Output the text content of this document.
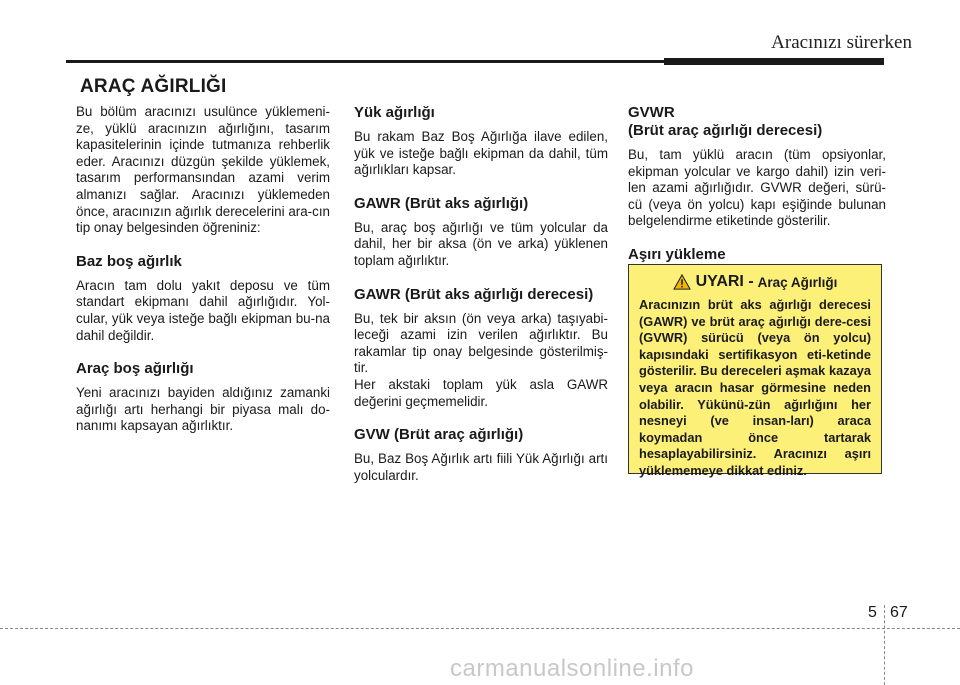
Aracınızı sürerken
ARAÇ AĞIRLIĞI

Bu bölüm aracınızı usulünce yüklemeni-ze, yüklü aracınızın ağırlığını, tasarım kapasitelerinin içinde tutmanıza rehberlik eder. Aracınızı düzgün şekilde yüklemek, tasarım performansından azami verim almanızı sağlar. Aracınızı yüklemeden önce, aracınızın ağırlık derecelerini ara-cın tip onay belgesinden öğreniniz:

Baz boş ağırlık

Aracın tam dolu yakıt deposu ve tüm standart ekipmanı dahil ağırlığıdır. Yol-cular, yük veya isteğe bağlı ekipman bu-na dahil değildir.

Araç boş ağırlığı

Yeni aracınızı bayiden aldığınız zamanki ağırlığı artı herhangi bir piyasa malı do-nanımı kapsayan ağırlıktır.

Yük ağırlığı

Bu rakam Baz Boş Ağırlığa ilave edilen, yük ve isteğe bağlı ekipman da dahil, tüm ağırlıkları kapsar.

GAWR (Brüt aks ağırlığı)

Bu, araç boş ağırlığı ve tüm yolcular da dahil, her bir aksa (ön ve arka) yüklenen toplam ağırlıktır.

GAWR (Brüt aks ağırlığı derecesi)

Bu, tek bir aksın (ön veya arka) taşıyabi-leceği azami izin verilen ağırlıktır. Bu rakamlar tip onay belgesinde gösterilmiş-tir.

Her akstaki toplam yük asla GAWR değerini geçmemelidir.

GVW (Brüt araç ağırlığı)

Bu, Baz Boş Ağırlık artı fiili Yük Ağırlığı artı yolculardır.

GVWR
(Brüt araç ağırlığı derecesi)

Bu, tam yüklü aracın (tüm opsiyonlar, ekipman yolcular ve kargo dahil) izin veri-len azami ağırlığıdır. GVWR değeri, sürü-cü (veya ön yolcu) kapı eşiğinde bulunan belgelendirme etiketinde gösterilir.

Aşırı yükleme
UYARI - Araç Ağırlığı

Aracınızın brüt aks ağırlığı derecesi (GAWR) ve brüt araç ağırlığı dere-cesi (GVWR) sürücü (veya ön yolcu) kapısındaki sertifikasyon eti-ketinde gösterilir. Bu dereceleri aşmak kazaya veya aracın hasar görmesine neden olabilir. Yükünü-zün ağırlığını her nesneyi (ve insan-ları) araca koymadan önce tartarak hesaplayabilirsiniz. Aracınızı aşırı yüklememeye dikkat ediniz.

5 67
carmanualsonline.info
